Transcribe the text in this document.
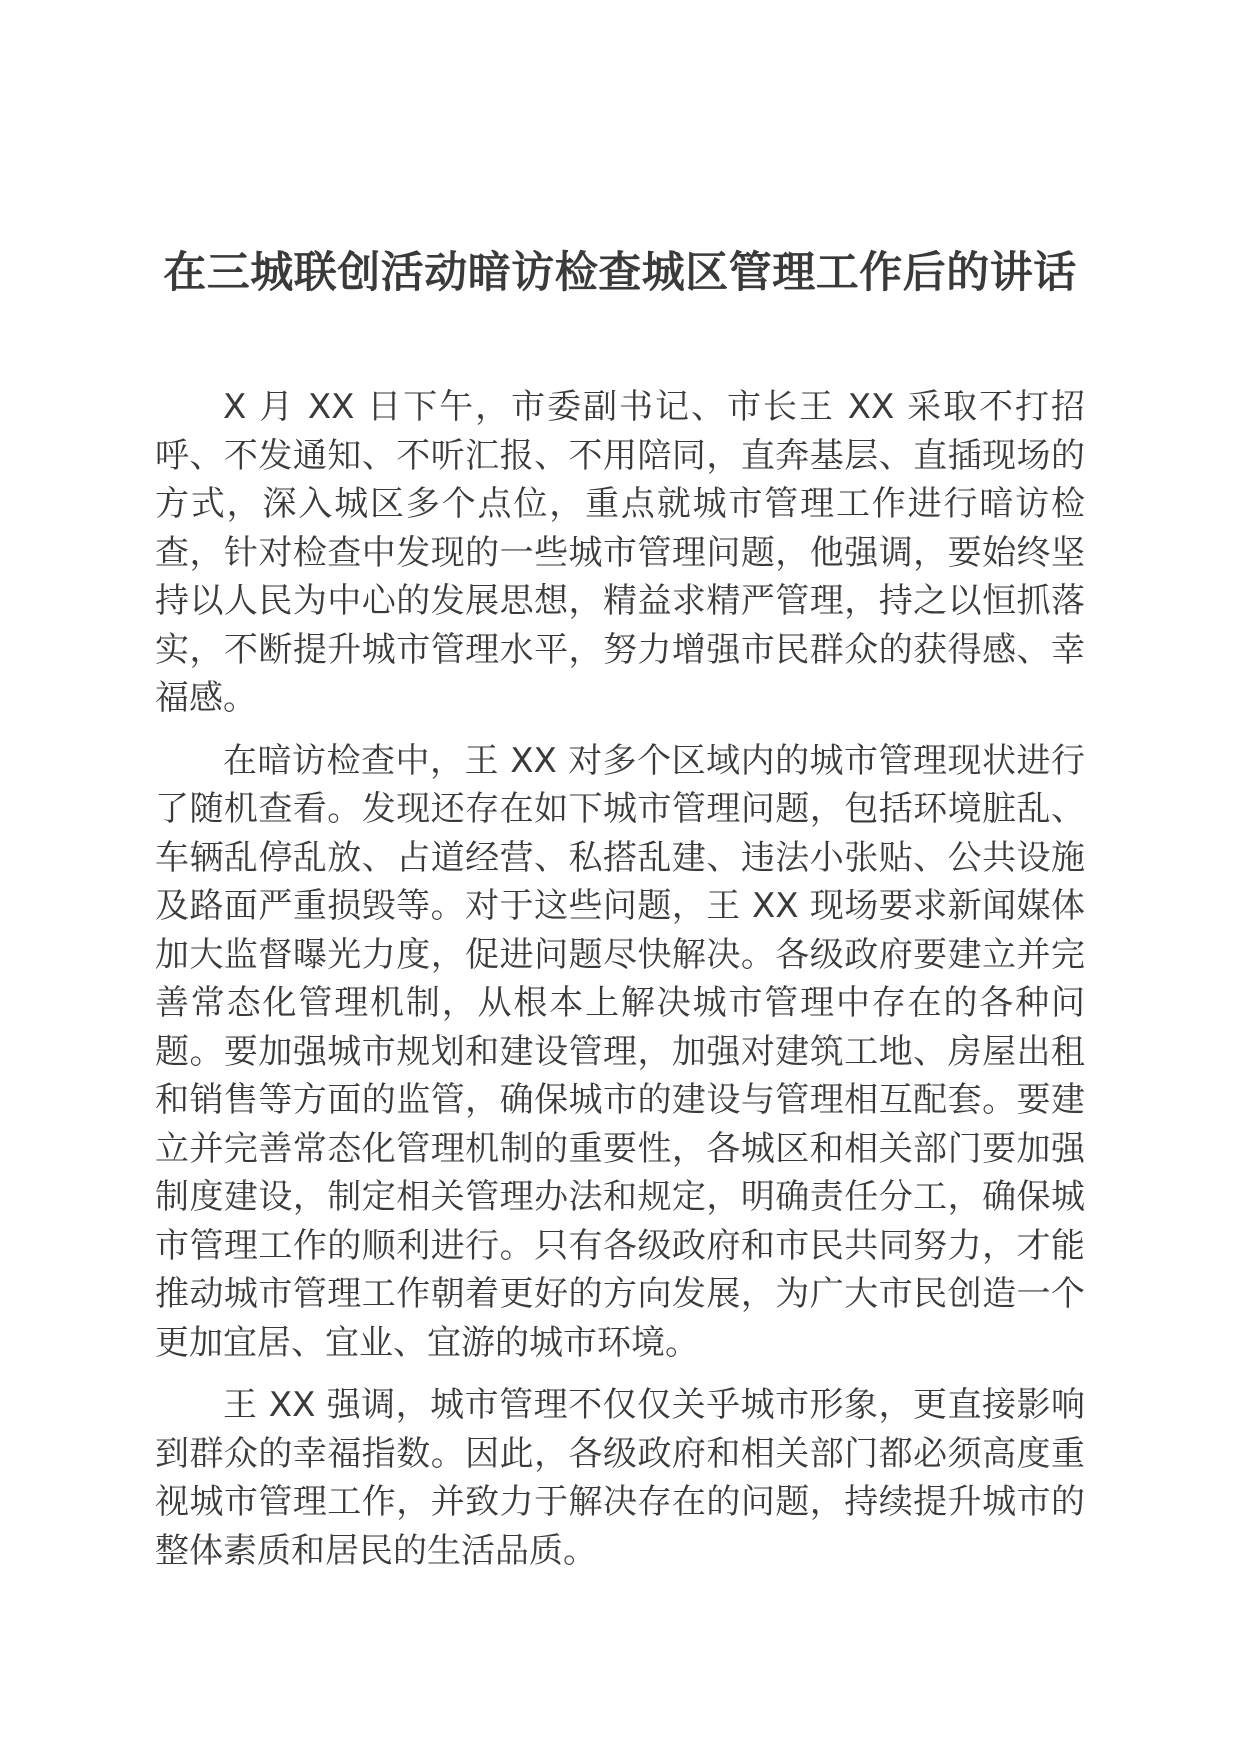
在三城联创活动暗访检查城区管理工作后的讲话

X 月 XX 日下午，市委副书记、市长王 XX 采取不打招呼、不发通知、不听汇报、不用陪同，直奔基层、直插现场的方式，深入城区多个点位，重点就城市管理工作进行暗访检查，针对检查中发现的一些城市管理问题，他强调，要始终坚持以人民为中心的发展思想，精益求精严管理，持之以恒抓落实，不断提升城市管理水平，努力增强市民群众的获得感、幸福感。

在暗访检查中，王 XX 对多个区域内的城市管理现状进行了随机查看。发现还存在如下城市管理问题，包括环境脏乱、车辆乱停乱放、占道经营、私搭乱建、违法小张贴、公共设施及路面严重损毁等。对于这些问题，王 XX 现场要求新闻媒体加大监督曝光力度，促进问题尽快解决。各级政府要建立并完善常态化管理机制，从根本上解决城市管理中存在的各种问题。要加强城市规划和建设管理，加强对建筑工地、房屋出租和销售等方面的监管，确保城市的建设与管理相互配套。要建立并完善常态化管理机制的重要性，各城区和相关部门要加强制度建设，制定相关管理办法和规定，明确责任分工，确保城市管理工作的顺利进行。只有各级政府和市民共同努力，才能推动城市管理工作朝着更好的方向发展，为广大市民创造一个更加宜居、宜业、宜游的城市环境。

王 XX 强调，城市管理不仅仅关乎城市形象，更直接影响到群众的幸福指数。因此，各级政府和相关部门都必须高度重视城市管理工作，并致力于解决存在的问题，持续提升城市的整体素质和居民的生活品质。
